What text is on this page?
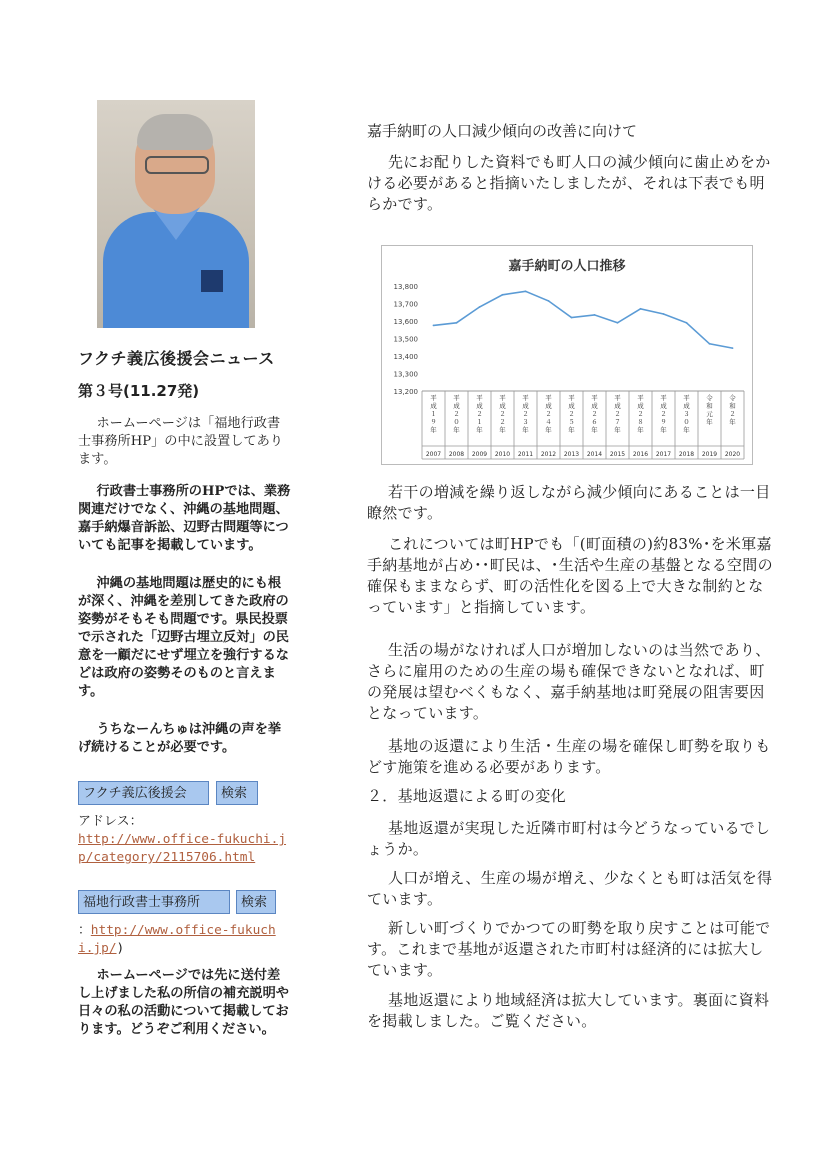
フクチ義広後援会ニュース
第３号(11.27発)

ホームーページは「福地行政書士事務所HP」の中に設置してあります。

行政書士事務所のHPでは、業務関連だけでなく、沖縄の基地問題、嘉手納爆音訴訟、辺野古問題等についても記事を掲載しています。

沖縄の基地問題は歴史的にも根が深く、沖縄を差別してきた政府の姿勢がそもそも問題です。県民投票で示された「辺野古埋立反対」の民意を一顧だにせず埋立を強行するなどは政府の姿勢そのものと言えます。

うちなーんちゅは沖縄の声を挙げ続けることが必要です。

フクチ義広後援会	検索

アドレス：

http://www.office-fukuchi.jp/category/2115706.html

福地行政書士事務所	検索

：http://www.office-fukuchi.jp/)

ホームーページでは先に送付差し上げました私の所信の補充説明や日々の私の活動について掲載しております。どうぞご利用ください。

嘉手納町の人口減少傾向の改善に向けて

先にお配りした資料でも町人口の減少傾向に歯止めをかける必要があると指摘いたしましたが、それは下表でも明らかです。

嘉手納町の人口推移
13,200
13,300
13,400
13,500
13,600
13,700
13,800
平成１９年
平成２０年
平成２１年
平成２２年
平成２３年
平成２４年
平成２５年
平成２６年
平成２７年
平成２８年
平成２９年
平成３０年
令和元年
令和２年
2007 2008 2009 2010 2011 2012 2013 2014 2015 2016 2017 2018 2019 2020

若干の増減を繰り返しながら減少傾向にあることは一目瞭然です。

これについては町HPでも「(町面積の)約83%･を米軍嘉手納基地が占め･･町民は、･生活や生産の基盤となる空間の確保もままならず、町の活性化を図る上で大きな制約となっています」と指摘しています。

生活の場がなければ人口が増加しないのは当然であり、さらに雇用のための生産の場も確保できないとなれば、町の発展は望むべくもなく、嘉手納基地は町発展の阻害要因となっています。

基地の返還により生活・生産の場を確保し町勢を取りもどす施策を進める必要があります。

２．基地返還による町の変化

基地返還が実現した近隣市町村は今どうなっているでしょうか。

人口が増え、生産の場が増え、少なくとも町は活気を得ています。

新しい町づくりでかつての町勢を取り戻すことは可能です。これまで基地が返還された市町村は経済的には拡大しています。

基地返還により地域経済は拡大しています。裏面に資料を掲載しました。ご覧ください。
